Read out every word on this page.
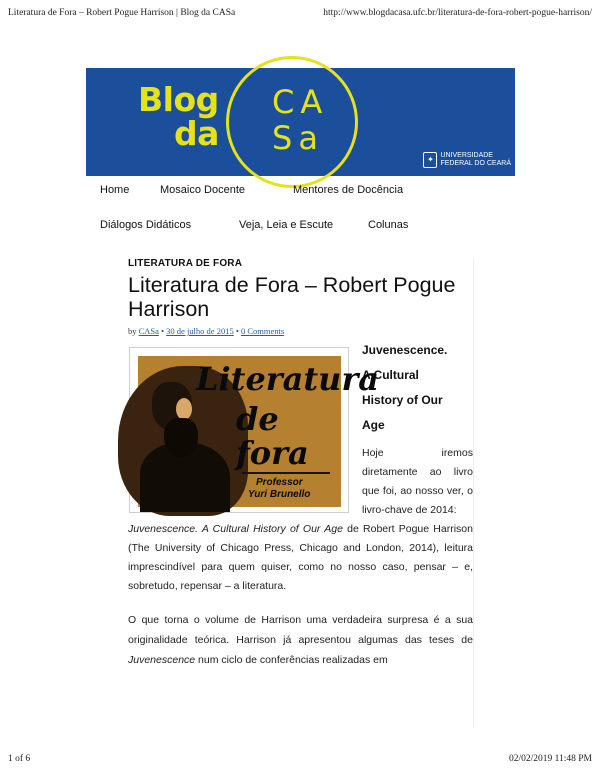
Literatura de Fora – Robert Pogue Harrison | Blog da CASa	http://www.blogdacasa.ufc.br/literatura-de-fora-robert-pogue-harrison/
Blog
da
CA
Sa
✦ UNIVERSIDADE
FEDERAL DO CEARÁ
Home	Mosaico Docente	Mentores de Docência
Diálogos Didáticos	Veja, Leia e Escute	Colunas
LITERATURA DE FORA
Literatura de Fora – Robert Pogue Harrison
by CASa • 30 de julho de 2015 • 0 Comments
Literatura
de fora
Professor
Yuri Brunello
Juvenescence.
A Cultural
History of Our
Age

Hoje iremos diretamente ao livro que foi, ao nosso ver, o livro-chave de 2014:

Juvenescence. A Cultural History of Our Age de Robert Pogue Harrison (The University of Chicago Press, Chicago and London, 2014), leitura imprescindível para quem quiser, como no nosso caso, pensar – e, sobretudo, repensar – a literatura.

O que torna o volume de Harrison uma verdadeira surpresa é a sua originalidade teórica. Harrison já apresentou algumas das teses de Juvenescence num ciclo de conferências realizadas em

1 of 6	02/02/2019 11:48 PM
